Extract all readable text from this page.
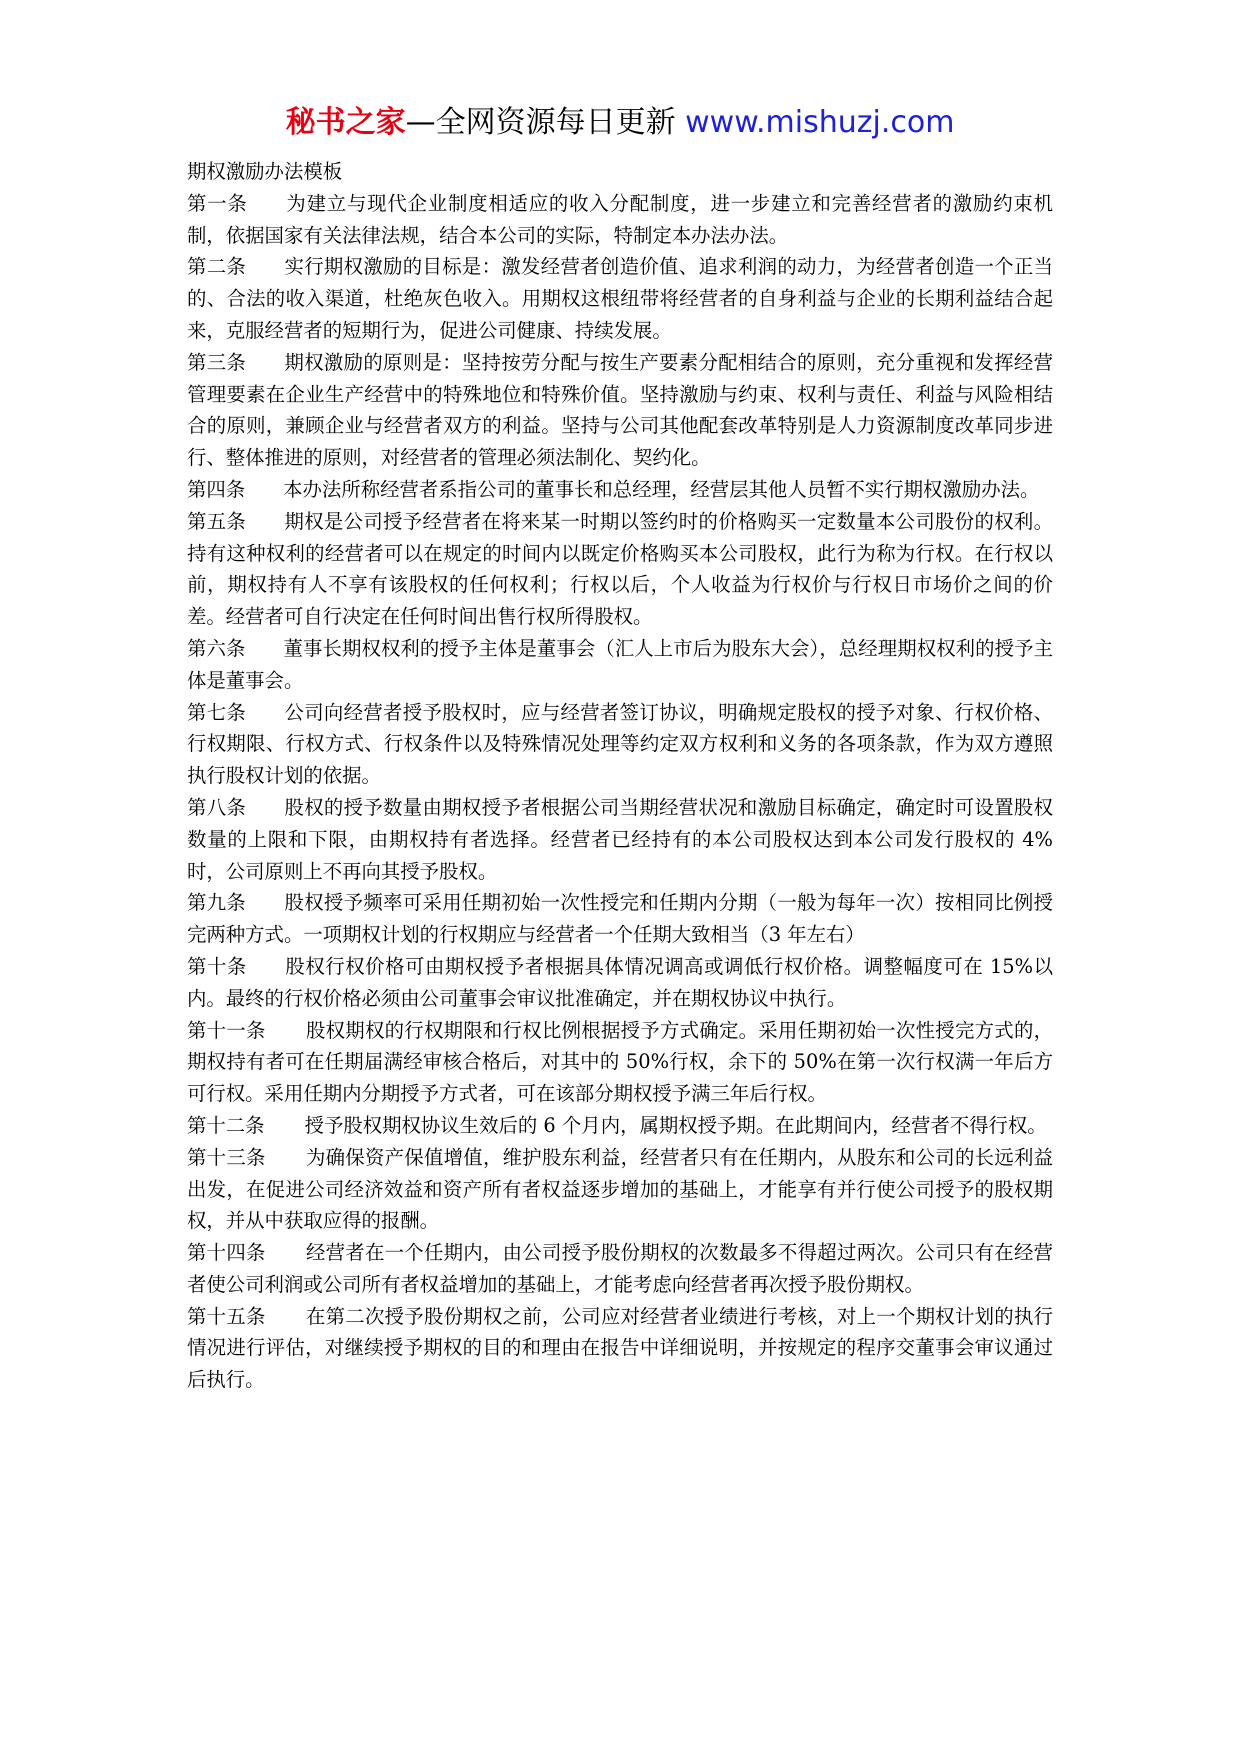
秘书之家—全网资源每日更新 www.mishuzj.com
期权激励办法模板

第一条 为建立与现代企业制度相适应的收入分配制度，进一步建立和完善经营者的激励约束机制，依据国家有关法律法规，结合本公司的实际，特制定本办法办法。

第二条 实行期权激励的目标是：激发经营者创造价值、追求利润的动力，为经营者创造一个正当的、合法的收入渠道，杜绝灰色收入。用期权这根纽带将经营者的自身利益与企业的长期利益结合起来，克服经营者的短期行为，促进公司健康、持续发展。

第三条 期权激励的原则是：坚持按劳分配与按生产要素分配相结合的原则，充分重视和发挥经营管理要素在企业生产经营中的特殊地位和特殊价值。坚持激励与约束、权利与责任、利益与风险相结合的原则，兼顾企业与经营者双方的利益。坚持与公司其他配套改革特别是人力资源制度改革同步进行、整体推进的原则，对经营者的管理必须法制化、契约化。

第四条 本办法所称经营者系指公司的董事长和总经理，经营层其他人员暂不实行期权激励办法。

第五条 期权是公司授予经营者在将来某一时期以签约时的价格购买一定数量本公司股份的权利。持有这种权利的经营者可以在规定的时间内以既定价格购买本公司股权，此行为称为行权。在行权以前，期权持有人不享有该股权的任何权利；行权以后，个人收益为行权价与行权日市场价之间的价差。经营者可自行决定在任何时间出售行权所得股权。

第六条 董事长期权权利的授予主体是董事会（汇人上市后为股东大会），总经理期权权利的授予主体是董事会。

第七条 公司向经营者授予股权时，应与经营者签订协议，明确规定股权的授予对象、行权价格、行权期限、行权方式、行权条件以及特殊情况处理等约定双方权利和义务的各项条款，作为双方遵照执行股权计划的依据。

第八条 股权的授予数量由期权授予者根据公司当期经营状况和激励目标确定，确定时可设置股权数量的上限和下限，由期权持有者选择。经营者已经持有的本公司股权达到本公司发行股权的 4%时，公司原则上不再向其授予股权。

第九条 股权授予频率可采用任期初始一次性授完和任期内分期（一般为每年一次）按相同比例授完两种方式。一项期权计划的行权期应与经营者一个任期大致相当（3 年左右）

第十条 股权行权价格可由期权授予者根据具体情况调高或调低行权价格。调整幅度可在 15%以内。最终的行权价格必须由公司董事会审议批准确定，并在期权协议中执行。

第十一条 股权期权的行权期限和行权比例根据授予方式确定。采用任期初始一次性授完方式的，期权持有者可在任期届满经审核合格后，对其中的 50%行权，余下的 50%在第一次行权满一年后方可行权。采用任期内分期授予方式者，可在该部分期权授予满三年后行权。

第十二条 授予股权期权协议生效后的 6 个月内，属期权授予期。在此期间内，经营者不得行权。

第十三条 为确保资产保值增值，维护股东利益，经营者只有在任期内，从股东和公司的长远利益出发，在促进公司经济效益和资产所有者权益逐步增加的基础上，才能享有并行使公司授予的股权期权，并从中获取应得的报酬。

第十四条 经营者在一个任期内，由公司授予股份期权的次数最多不得超过两次。公司只有在经营者使公司利润或公司所有者权益增加的基础上，才能考虑向经营者再次授予股份期权。

第十五条 在第二次授予股份期权之前，公司应对经营者业绩进行考核，对上一个期权计划的执行情况进行评估，对继续授予期权的目的和理由在报告中详细说明，并按规定的程序交董事会审议通过后执行。
